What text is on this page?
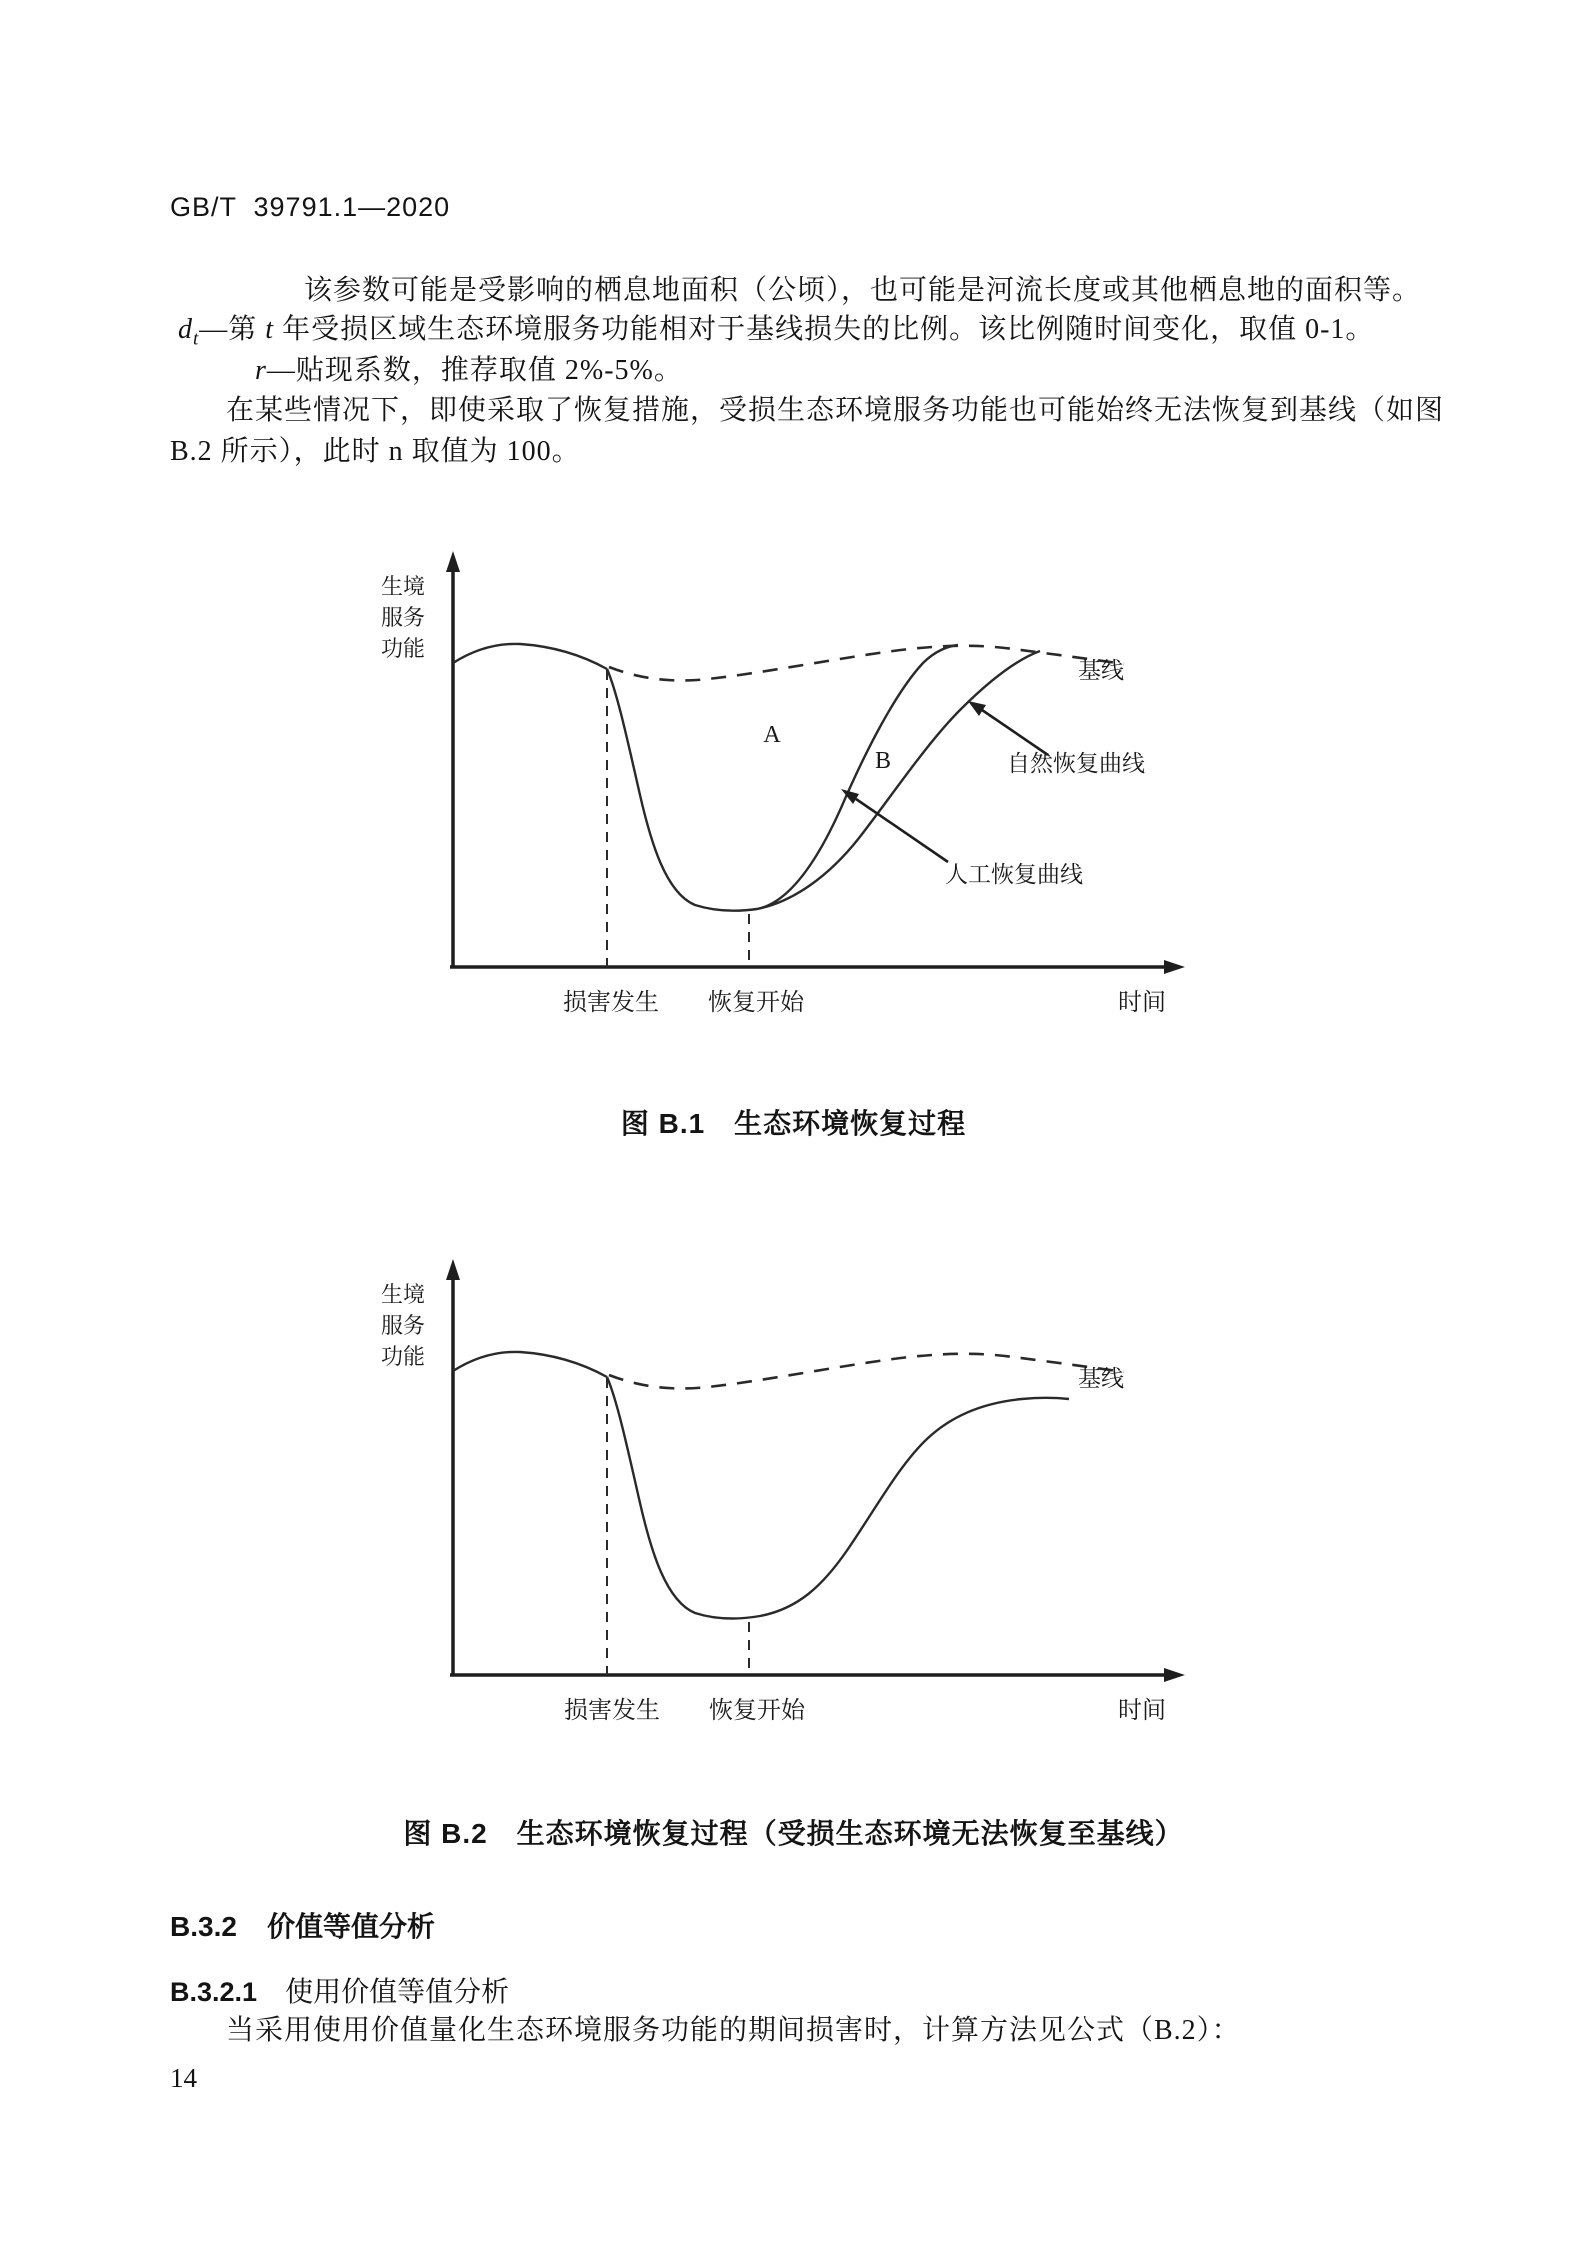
GB/T  39791.1—2020
该参数可能是受影响的栖息地面积（公顷），也可能是河流长度或其他栖息地的面积等。
$d_t—$第 t 年受损区域生态环境服务功能相对于基线损失的比例。该比例随时间变化，取值 0-1。
r—贴现系数，推荐取值 2%-5%。
在某些情况下，即使采取了恢复措施，受损生态环境服务功能也可能始终无法恢复到基线（如图
B.2 所示），此时 n 取值为 100。
生境
服务
功能
基线
A
B	自然恢复曲线
人工恢复曲线
损害发生 恢复开始	时间
图 B.1　生态环境恢复过程
生境
服务
功能
基线
损害发生 恢复开始	时间
图 B.2　生态环境恢复过程（受损生态环境无法恢复至基线）
B.3.2 价值等值分析
B.3.2.1 使用价值等值分析
当采用使用价值量化生态环境服务功能的期间损害时，计算方法见公式（B.2）：
14
